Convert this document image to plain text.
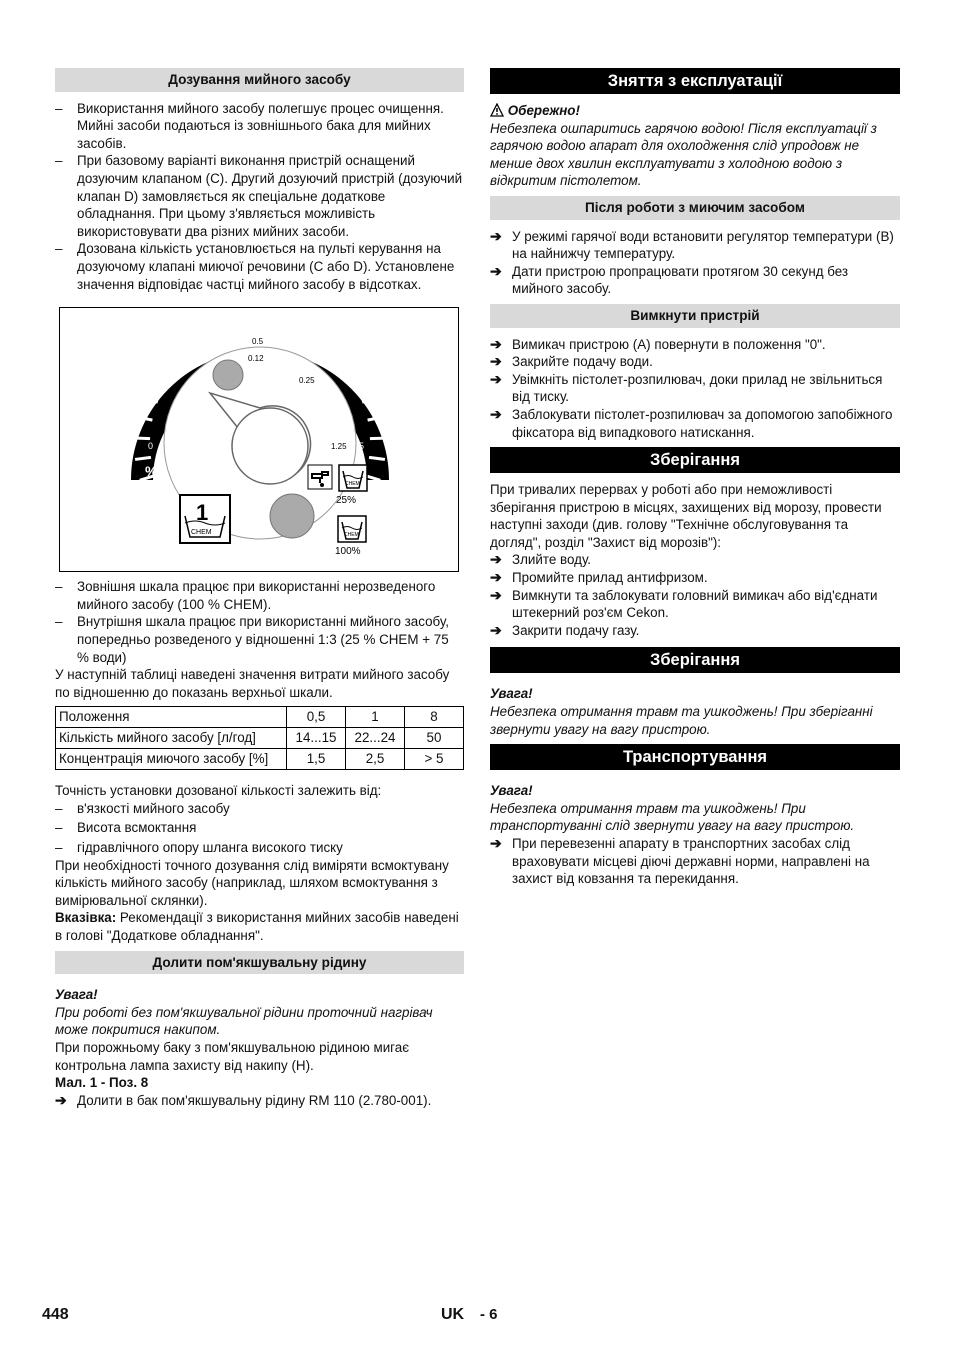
Дозування мийного засобу
–	Використання мийного засобу полегшує процес очищення. Мийні засоби подаються із зовнішнього бака для мийних засобів.
–	При базовому варіанті виконання пристрій оснащений дозуючим клапаном (C). Другий дозуючий пристрій (дозуючий клапан D) замовляється як спеціальне додаткове обладнання. При цьому з'являється можливість використовувати два різних мийних засоби.
–	Дозована кількість установлюється на пульті керування на дозуючому клапані миючої речовини (C або D). Установлене значення відповідає частці мийного засобу в відсотках.
0.5
0.12
1
0.25
0	1.25 5
%
CHEM
25%
CHEM
100%
1
CHEM
–	Зовнішня шкала працює при використанні нерозведеного мийного засобу (100 % CHEM).
–	Внутрішня шкала працює при використанні мийного засобу, попередньо розведеного у відношенні 1:3 (25 % CHEM + 75 % води)

У наступній таблиці наведені значення витрати мийного засобу по відношенню до показань верхньої шкали.

Положення	0,5	1	8
Кількість мийного засобу [л/год]	14...15	22...24	50
Концентрація миючого засобу [%]	1,5	2,5	> 5

Точність установки дозованої кількості залежить від:

–	в'язкості мийного засобу
–	Висота всмоктання
–	гідравлічного опору шланга високого тиску

При необхідності точного дозування слід виміряти всмоктувану кількість мийного засобу (наприклад, шляхом всмоктування з вимірювальної склянки).

Вказівка: Рекомендації з використання мийних засобів наведені в голові "Додаткове обладнання".

Долити пом'якшувальну рідину

Увага!

При роботі без пом'якшувальної рідини проточний нагрівач може покритися накипом.

При порожньому баку з пом'якшувальною рідиною мигає контрольна лампа захисту від накипу (H).

Мал. 1 - Поз. 8

➔ Долити в бак пом'якшувальну рідину RM 110 (2.780-001).
Зняття з експлуатації

Обережно!

Небезпека ошпаритись гарячою водою! Після експлуатації з гарячою водою апарат для охолодження слід упродовж не менше двох хвилин експлуатувати з холодною водою з відкритим пістолетом.

Після роботи з миючим засобом
➔ У режимі гарячої води встановити регулятор температури (B) на найнижчу температуру.
➔ Дати пристрою пропрацювати протягом 30 секунд без мийного засобу.
Вимкнути пристрій
➔ Вимикач пристрою (A) повернути в положення "0".
➔ Закрийте подачу води.
➔ Увімкніть пістолет-розпилювач, доки прилад не звільниться від тиску.
➔ Заблокувати пістолет-розпилювач за допомогою запобіжного фіксатора від випадкового натискання.
Зберігання

При тривалих перервах у роботі або при неможливості зберігання пристрою в місцях, захищених від морозу, провести наступні заходи (див. голову "Технічне обслуговування та догляд", розділ "Захист від морозів"):

➔ Злийте воду.
➔ Промийте прилад антифризом.
➔ Вимкнути та заблокувати головний вимикач або від'єднати штекерний роз'єм Cekon.
➔ Закрити подачу газу.
Зберігання

Увага!

Небезпека отримання травм та ушкоджень! При зберіганні звернути увагу на вагу пристрою.

Транспортування

Увага!

Небезпека отримання травм та ушкоджень! При транспортуванні слід звернути увагу на вагу пристрою.

➔ При перевезенні апарату в транспортних засобах слід враховувати місцеві діючі державні норми, направлені на захист від ковзання та перекидання.
448	UK - 6
